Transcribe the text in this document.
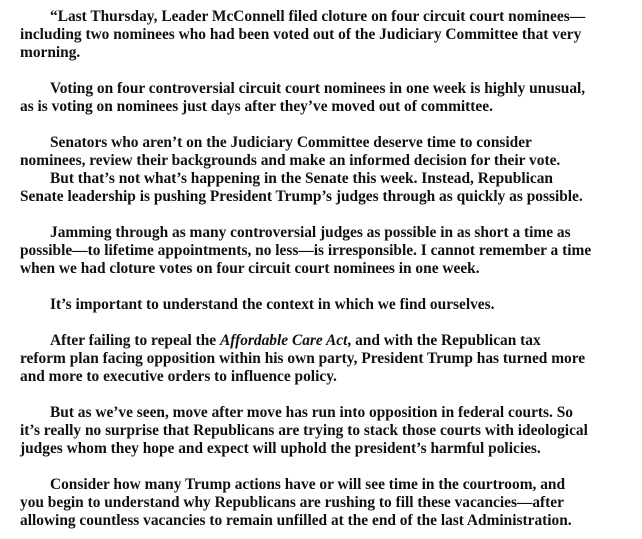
“Last Thursday, Leader McConnell filed cloture on four circuit court nominees—
including two nominees who had been voted out of the Judiciary Committee that very
morning.

Voting on four controversial circuit court nominees in one week is highly unusual,
as is voting on nominees just days after they’ve moved out of committee.

Senators who aren’t on the Judiciary Committee deserve time to consider
nominees, review their backgrounds and make an informed decision for their vote.

But that’s not what’s happening in the Senate this week. Instead, Republican
Senate leadership is pushing President Trump’s judges through as quickly as possible.

Jamming through as many controversial judges as possible in as short a time as
possible—to lifetime appointments, no less—is irresponsible. I cannot remember a time
when we had cloture votes on four circuit court nominees in one week.

It’s important to understand the context in which we find ourselves.

After failing to repeal the Affordable Care Act, and with the Republican tax
reform plan facing opposition within his own party, President Trump has turned more
and more to executive orders to influence policy.

But as we’ve seen, move after move has run into opposition in federal courts. So
it’s really no surprise that Republicans are trying to stack those courts with ideological
judges whom they hope and expect will uphold the president’s harmful policies.

Consider how many Trump actions have or will see time in the courtroom, and
you begin to understand why Republicans are rushing to fill these vacancies—after
allowing countless vacancies to remain unfilled at the end of the last Administration.
